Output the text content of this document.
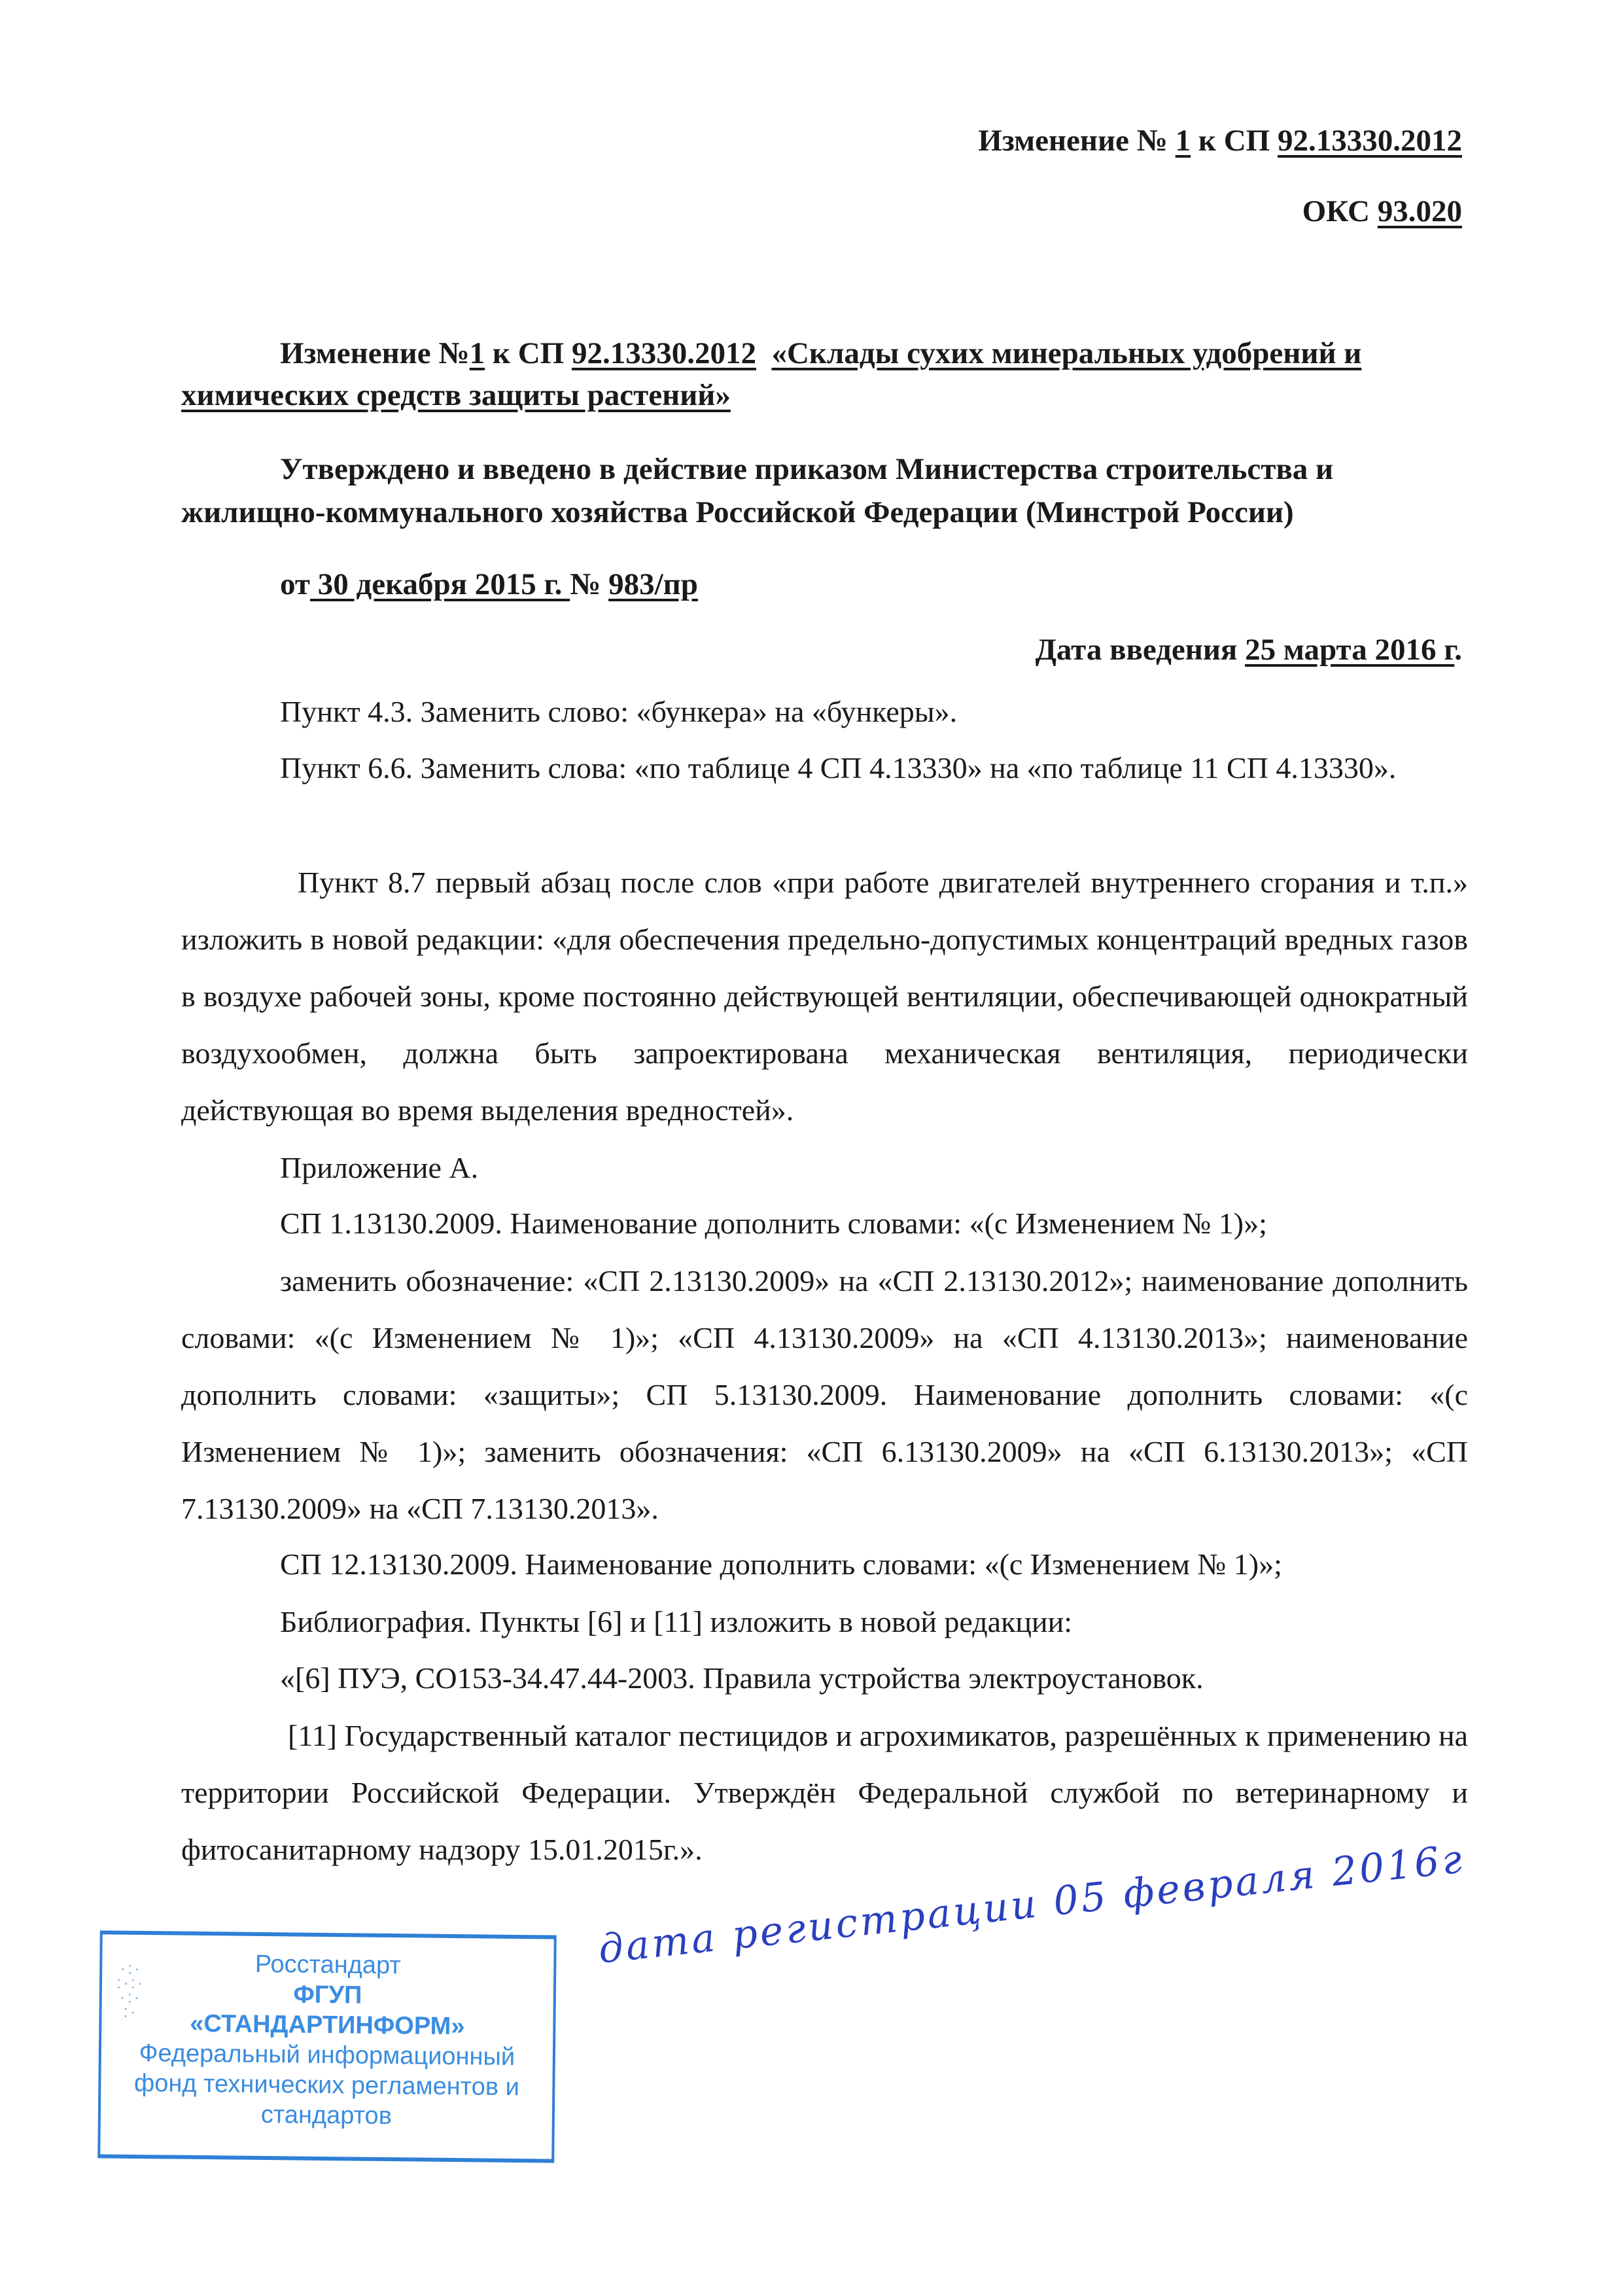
Изменение № 1 к СП 92.13330.2012
ОКС 93.020
Изменение №1 к СП 92.13330.2012 «Склады сухих минеральных удобрений и химических средств защиты растений»
Утверждено и введено в действие приказом Министерства строительства и жилищно-коммунального хозяйства Российской Федерации (Минстрой России)
от 30 декабря 2015 г. № 983/пр
Дата введения 25 марта 2016 г.
Пункт 4.3. Заменить слово: «бункера» на «бункеры».
Пункт 6.6. Заменить слова: «по таблице 4 СП 4.13330» на «по таблице 11 СП 4.13330».
Пункт 8.7 первый абзац после слов «при работе двигателей внутреннего сгорания и т.п.» изложить в новой редакции: «для обеспечения предельно-допустимых концентраций вредных газов в воздухе рабочей зоны, кроме постоянно действующей вентиляции, обеспечивающей однократный воздухообмен, должна быть запроектирована механическая вентиляция, периодически действующая во время выделения вредностей».
Приложение А.
СП 1.13130.2009. Наименование дополнить словами: «(с Изменением № 1)»;
заменить обозначение: «СП 2.13130.2009» на «СП 2.13130.2012»; наименование дополнить словами: «(с Изменением № 1)»; «СП 4.13130.2009» на «СП 4.13130.2013»; наименование дополнить словами: «защиты»; СП 5.13130.2009. Наименование дополнить словами: «(с Изменением № 1)»; заменить обозначения: «СП 6.13130.2009» на «СП 6.13130.2013»; «СП 7.13130.2009» на «СП 7.13130.2013».
СП 12.13130.2009. Наименование дополнить словами: «(с Изменением № 1)»;
Библиография. Пункты [6] и [11] изложить в новой редакции:
«[6] ПУЭ, СО153-34.47.44-2003. Правила устройства электроустановок.
[11] Государственный каталог пестицидов и агрохимикатов, разрешённых к применению на территории Российской Федерации. Утверждён Федеральной службой по ветеринарному и фитосанитарному надзору 15.01.2015г.».
·:·
:·:·
·:·
:·
Росстандарт
ФГУП
«СТАНДАРТИНФОРМ»
Федеральный информационный
фонд технических регламентов и
стандартов
дата регистрации 05 февраля 2016г
